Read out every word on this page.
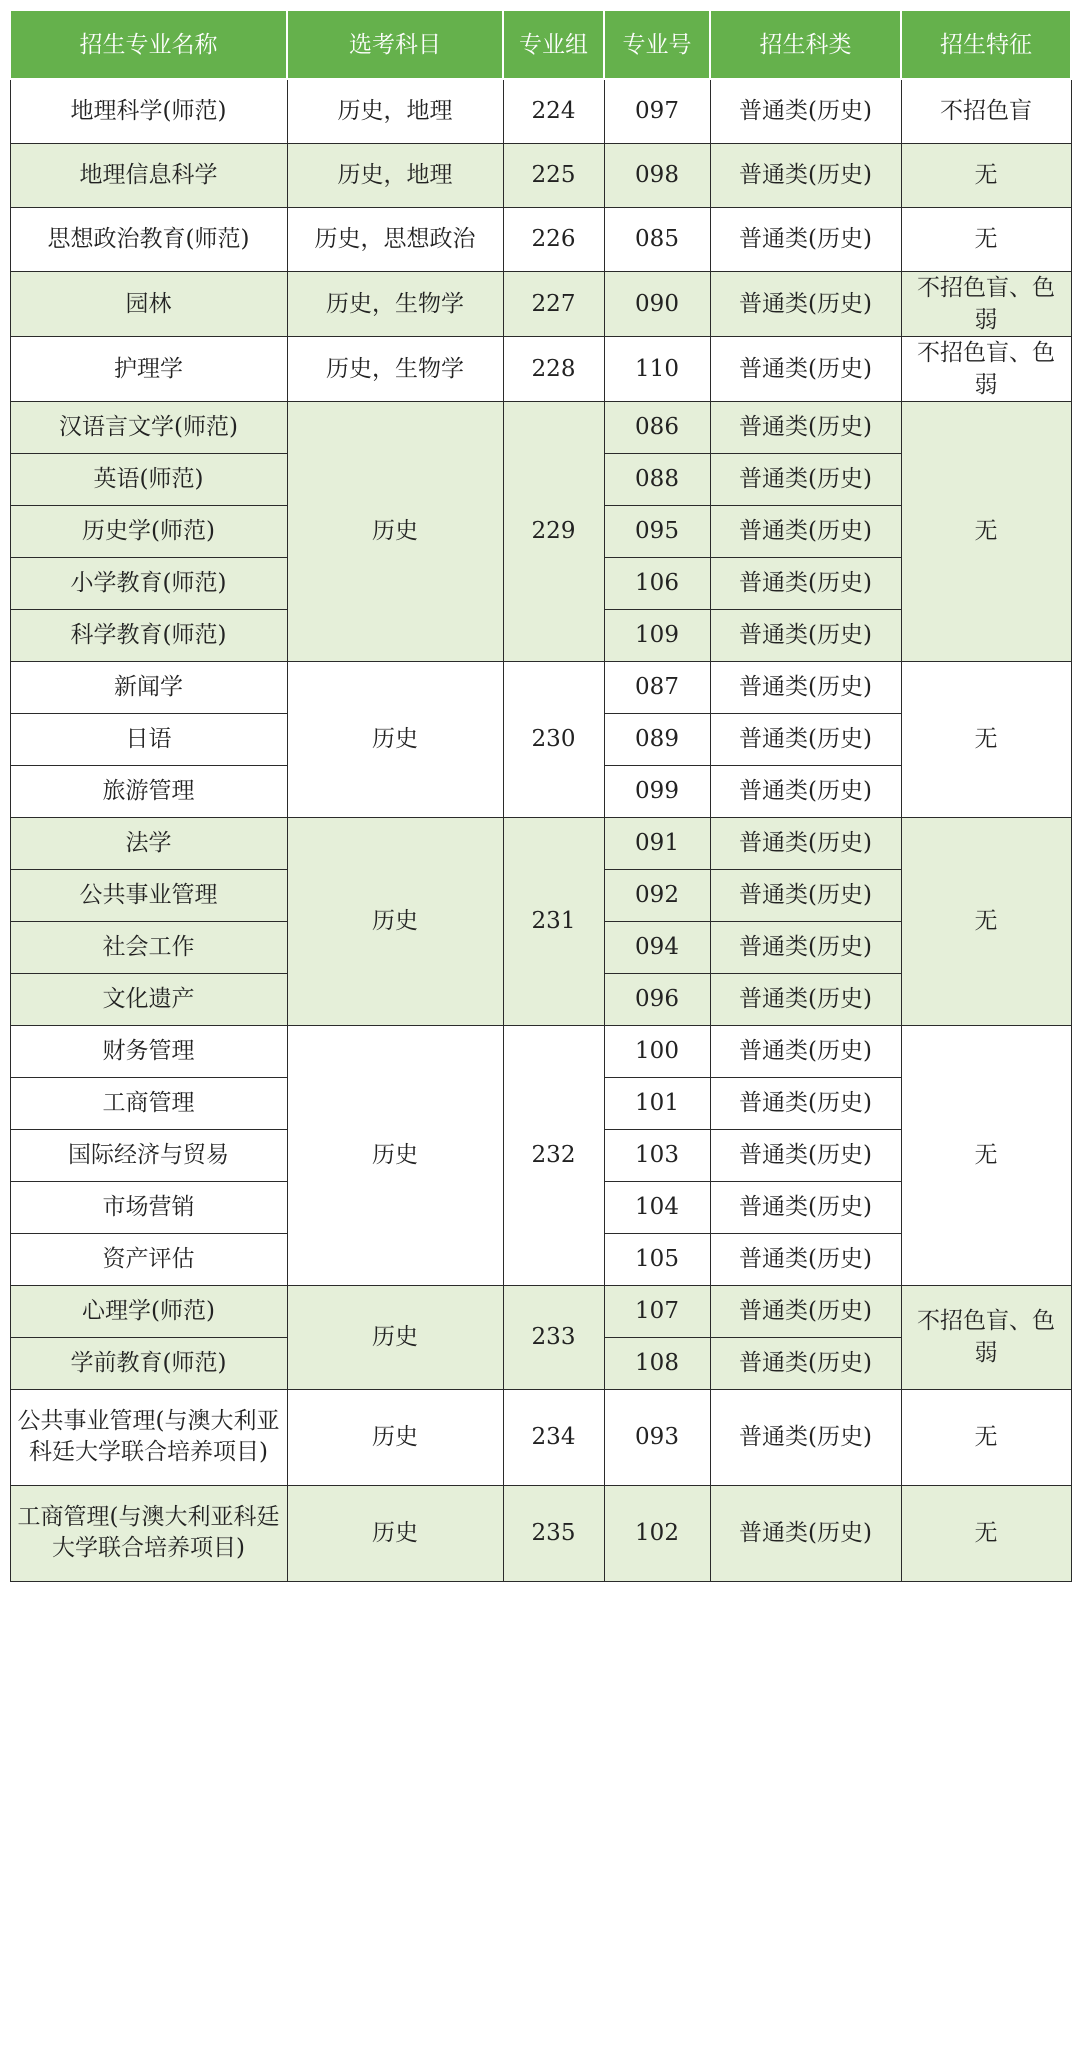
招生专业名称	选考科目	专业组	专业号	招生科类	招生特征
地理科学(师范)	历史，地理	224	097	普通类(历史)	不招色盲
地理信息科学	历史，地理	225	098	普通类(历史)	无
思想政治教育(师范)	历史，思想政治	226	085	普通类(历史)	无
园林	历史，生物学	227	090	普通类(历史)	不招色盲、色弱
护理学	历史，生物学	228	110	普通类(历史)	不招色盲、色弱
汉语言文学(师范)	历史	229	086	普通类(历史)	无
英语(师范)			088	普通类(历史)	
历史学(师范)			095	普通类(历史)	
小学教育(师范)			106	普通类(历史)	
科学教育(师范)			109	普通类(历史)	
新闻学	历史	230	087	普通类(历史)	无
日语			089	普通类(历史)	
旅游管理			099	普通类(历史)	
法学	历史	231	091	普通类(历史)	无
公共事业管理			092	普通类(历史)	
社会工作			094	普通类(历史)	
文化遗产			096	普通类(历史)	
财务管理	历史	232	100	普通类(历史)	无
工商管理			101	普通类(历史)	
国际经济与贸易			103	普通类(历史)	
市场营销			104	普通类(历史)	
资产评估			105	普通类(历史)	
心理学(师范)	历史	233	107	普通类(历史)	不招色盲、色弱
学前教育(师范)			108	普通类(历史)	
公共事业管理(与澳大利亚科廷大学联合培养项目)	历史	234	093	普通类(历史)	无
工商管理(与澳大利亚科廷大学联合培养项目)	历史	235	102	普通类(历史)	无
